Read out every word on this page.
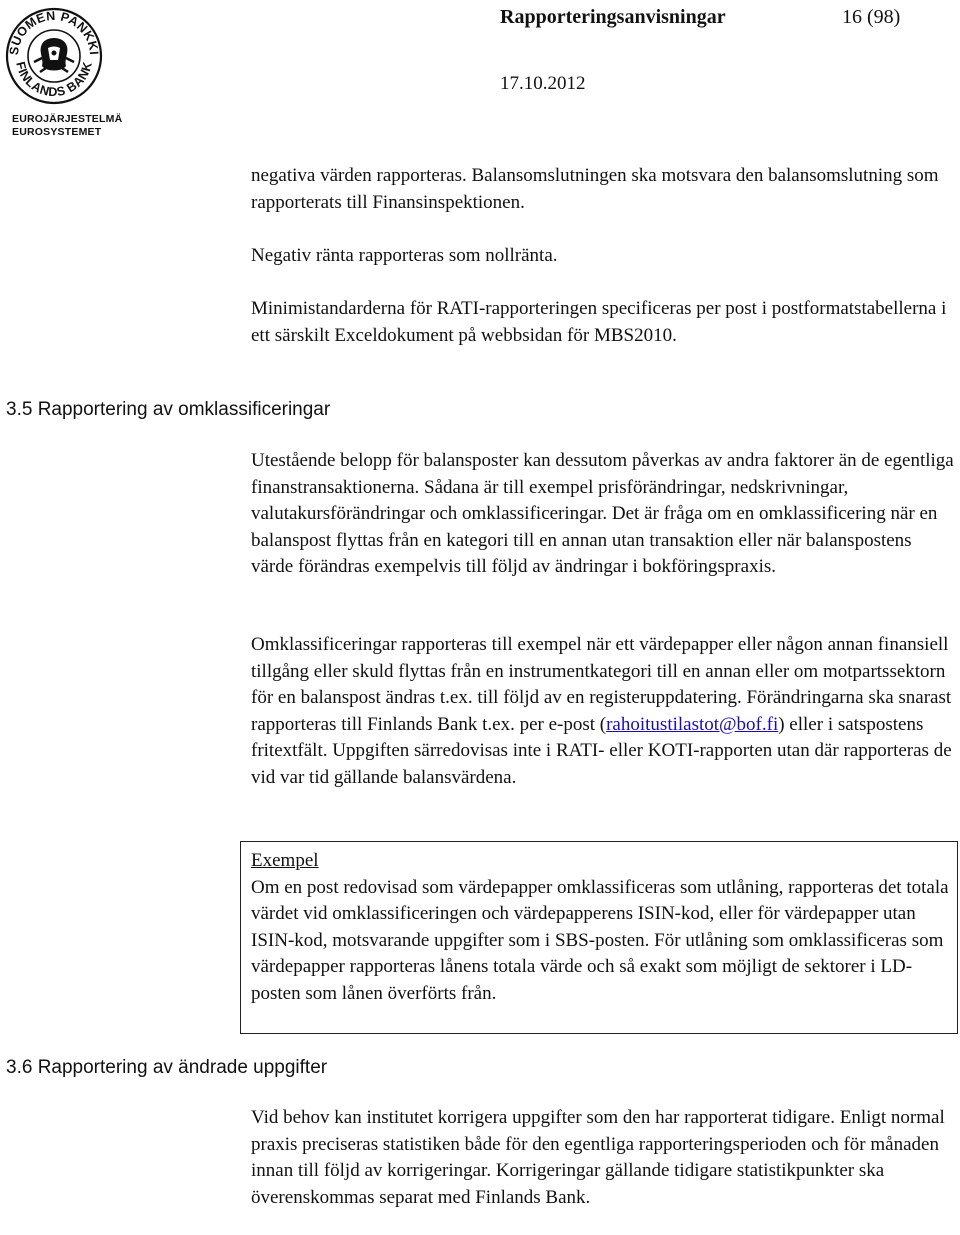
SUOMEN PANKKI
FINLANDS BANK
EUROJÄRJESTELMÄ
EUROSYSTEMET
Rapporteringsanvisningar	16 (98)
17.10.2012

negativa värden rapporteras. Balansomslutningen ska motsvara den balansomslutning som rapporterats till Finansinspektionen.

Negativ ränta rapporteras som nollränta.

Minimistandarderna för RATI-rapporteringen specificeras per post i postformatstabellerna i ett särskilt Exceldokument på webbsidan för MBS2010.

3.5 Rapportering av omklassificeringar

Utestående belopp för balansposter kan dessutom påverkas av andra faktorer än de egentliga finanstransaktionerna. Sådana är till exempel prisförändringar, nedskrivningar, valutakursförändringar och omklassificeringar. Det är fråga om en omklassificering när en balanspost flyttas från en kategori till en annan utan transaktion eller när balanspostens värde förändras exempelvis till följd av ändringar i bokföringspraxis.

Omklassificeringar rapporteras till exempel när ett värdepapper eller någon annan finansiell tillgång eller skuld flyttas från en instrumentkategori till en annan eller om motpartssektorn för en balanspost ändras t.ex. till följd av en registeruppdatering. Förändringarna ska snarast rapporteras till Finlands Bank t.ex. per e-post (rahoitustilastot@bof.fi) eller i satspostens fritextfält. Uppgiften särredovisas inte i RATI- eller KOTI-rapporten utan där rapporteras de vid var tid gällande balansvärdena.

Exempel
Om en post redovisad som värdepapper omklassificeras som utlåning, rapporteras det totala värdet vid omklassificeringen och värdepapperens ISIN-kod, eller för värdepapper utan ISIN-kod, motsvarande uppgifter som i SBS-posten. För utlåning som omklassificeras som värdepapper rapporteras lånens totala värde och så exakt som möjligt de sektorer i LD-posten som lånen överförts från.

3.6 Rapportering av ändrade uppgifter

Vid behov kan institutet korrigera uppgifter som den har rapporterat tidigare. Enligt normal praxis preciseras statistiken både för den egentliga rapporteringsperioden och för månaden innan till följd av korrigeringar. Korrigeringar gällande tidigare statistikpunkter ska överenskommas separat med Finlands Bank.
